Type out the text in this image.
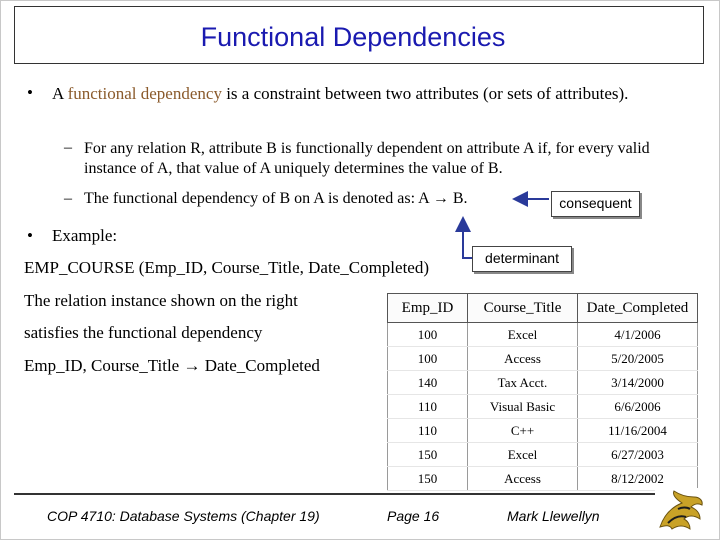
Functional Dependencies
• A functional dependency is a constraint between two attributes (or sets of attributes).
– For any relation R, attribute B is functionally dependent on attribute A if, for every valid instance of A, that value of A uniquely determines the value of B.
– The functional dependency of B on A is denoted as: A → B.
• Example:
EMP_COURSE (Emp_ID, Course_Title, Date_Completed)
The relation instance shown on the right
satisfies the functional dependency
Emp_ID, Course_Title → Date_Completed
consequent
determinant
Emp_ID	Course_Title	Date_Completed
100	Excel	4/1/2006
100	Access	5/20/2005
140	Tax Acct.	3/14/2000
110	Visual Basic	6/6/2006
110	C++	11/16/2004
150	Excel	6/27/2003
150	Access	8/12/2002
COP 4710: Database Systems (Chapter 19)	Page 16	Mark Llewellyn
